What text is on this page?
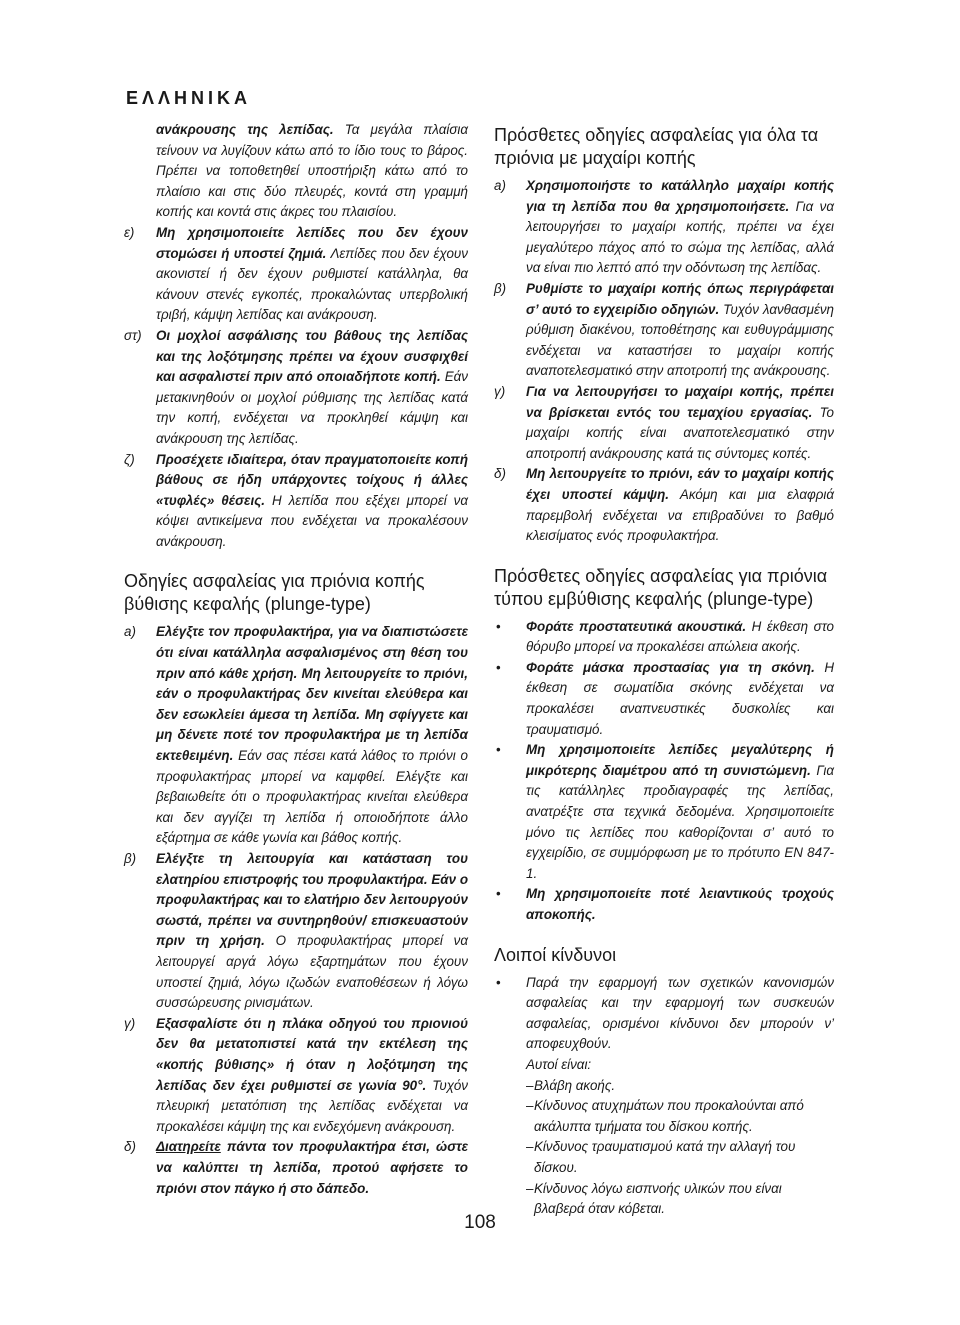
ΕΛΛΗΝΙΚΑ

ανάκρουσης της λεπίδας. Τα μεγάλα πλαίσια τείνουν να λυγίζουν κάτω από το ίδιο τους το βάρος. Πρέπει να τοποθετηθεί υποστήριξη κάτω από το πλαίσιο και στις δύο πλευρές, κοντά στη γραμμή κοπής και κοντά στις άκρες του πλαισίου.

ε) Μη χρησιμοποιείτε λεπίδες που δεν έχουν στομώσει ή υποστεί ζημιά. Λεπίδες που δεν έχουν ακονιστεί ή δεν έχουν ρυθμιστεί κατάλληλα, θα κάνουν στενές εγκοπές, προκαλώντας υπερβολική τριβή, κάμψη λεπίδας και ανάκρουση.

στ) Οι μοχλοί ασφάλισης του βάθους της λεπίδας και της λοξότμησης πρέπει να έχουν συσφιχθεί και ασφαλιστεί πριν από οποιαδήποτε κοπή. Εάν μετακινηθούν οι μοχλοί ρύθμισης της λεπίδας κατά την κοπή, ενδέχεται να προκληθεί κάμψη και ανάκρουση της λεπίδας.

ζ) Προσέχετε ιδιαίτερα, όταν πραγματοποιείτε κοπή βάθους σε ήδη υπάρχοντες τοίχους ή άλλες «τυφλές» θέσεις. Η λεπίδα που εξέχει μπορεί να κόψει αντικείμενα που ενδέχεται να προκαλέσουν ανάκρουση.

Οδηγίες ασφαλείας για πριόνια κοπής βύθισης κεφαλής (plunge-type)

a) Ελέγξτε τον προφυλακτήρα, για να διαπιστώσετε ότι είναι κατάλληλα ασφαλισμένος στη θέση του πριν από κάθε χρήση. Μη λειτουργείτε το πριόνι, εάν ο προφυλακτήρας δεν κινείται ελεύθερα και δεν εσωκλείει άμεσα τη λεπίδα. Μη σφίγγετε και μη δένετε ποτέ τον προφυλακτήρα με τη λεπίδα εκτεθειμένη. Εάν σας πέσει κατά λάθος το πριόνι ο προφυλακτήρας μπορεί να καμφθεί. Ελέγξτε και βεβαιωθείτε ότι ο προφυλακτήρας κινείται ελεύθερα και δεν αγγίζει τη λεπίδα ή οποιοδήποτε άλλο εξάρτημα σε κάθε γωνία και βάθος κοπής.

β) Ελέγξτε τη λειτουργία και κατάσταση του ελατηρίου επιστροφής του προφυλακτήρα. Εάν ο προφυλακτήρας και το ελατήριο δεν λειτουργούν σωστά, πρέπει να συντηρηθούν/ επισκευαστούν πριν τη χρήση. Ο προφυλακτήρας μπορεί να λειτουργεί αργά λόγω εξαρτημάτων που έχουν υποστεί ζημιά, λόγω ιζωδών εναποθέσεων ή λόγω συσσώρευσης ρινισμάτων.

γ) Εξασφαλίστε ότι η πλάκα οδηγού του πριονιού δεν θα μετατοπιστεί κατά την εκτέλεση της «κοπής βύθισης» ή όταν η λοξότμηση της λεπίδας δεν έχει ρυθμιστεί σε γωνία 90°. Τυχόν πλευρική μετατόπιση της λεπίδας ενδέχεται να προκαλέσει κάμψη της και ενδεχόμενη ανάκρουση.

δ) Διατηρείτε πάντα τον προφυλακτήρα έτσι, ώστε να καλύπτει τη λεπίδα, προτού αφήσετε το πριόνι στον πάγκο ή στο δάπεδο.

Πρόσθετες οδηγίες ασφαλείας για όλα τα πριόνια με μαχαίρι κοπής

a) Χρησιμοποιήστε το κατάλληλο μαχαίρι κοπής για τη λεπίδα που θα χρησιμοποιήσετε. Για να λειτουργήσει το μαχαίρι κοπής, πρέπει να έχει μεγαλύτερο πάχος από το σώμα της λεπίδας, αλλά να είναι πιο λεπτό από την οδόντωση της λεπίδας.

β) Ρυθμίστε το μαχαίρι κοπής όπως περιγράφεται σ’ αυτό το εγχειρίδιο οδηγιών. Τυχόν λανθασμένη ρύθμιση διακένου, τοποθέτησης και ευθυγράμμισης ενδέχεται να καταστήσει το μαχαίρι κοπής αναποτελεσματικό στην αποτροπή της ανάκρουσης.

γ) Για να λειτουργήσει το μαχαίρι κοπής, πρέπει να βρίσκεται εντός του τεμαχίου εργασίας. Το μαχαίρι κοπής είναι αναποτελεσματικό στην αποτροπή ανάκρουσης κατά τις σύντομες κοπές.

δ) Μη λειτουργείτε το πριόνι, εάν το μαχαίρι κοπής έχει υποστεί κάμψη. Ακόμη και μια ελαφριά παρεμβολή ενδέχεται να επιβραδύνει το βαθμό κλεισίματος ενός προφυλακτήρα.

Πρόσθετες οδηγίες ασφαλείας για πριόνια τύπου εμβύθισης κεφαλής (plunge-type)

• Φοράτε προστατευτικά ακουστικά. Η έκθεση στο θόρυβο μπορεί να προκαλέσει απώλεια ακοής.

• Φοράτε μάσκα προστασίας για τη σκόνη. Η έκθεση σε σωματίδια σκόνης ενδέχεται να προκαλέσει αναπνευστικές δυσκολίες και τραυματισμό.

• Μη χρησιμοποιείτε λεπίδες μεγαλύτερης ή μικρότερης διαμέτρου από τη συνιστώμενη. Για τις κατάλληλες προδιαγραφές της λεπίδας, ανατρέξτε στα τεχνικά δεδομένα. Χρησιμοποιείτε μόνο τις λεπίδες που καθορίζονται σ’ αυτό το εγχειρίδιο, σε συμμόρφωση με το πρότυπο EN 847-1.

• Μη χρησιμοποιείτε ποτέ λειαντικούς τροχούς αποκοπής.

Λοιποί κίνδυνοι

• Παρά την εφαρμογή των σχετικών κανονισμών ασφαλείας και την εφαρμογή των συσκευών ασφαλείας, ορισμένοι κίνδυνοι δεν μπορούν ν’ αποφευχθούν.

Αυτοί είναι:

– Βλάβη ακοής.

– Κίνδυνος ατυχημάτων που προκαλούνται από ακάλυπτα τμήματα του δίσκου κοπής.

– Κίνδυνος τραυματισμού κατά την αλλαγή του δίσκου.

– Κίνδυνος λόγω εισπνοής υλικών που είναι βλαβερά όταν κόβεται.

108
